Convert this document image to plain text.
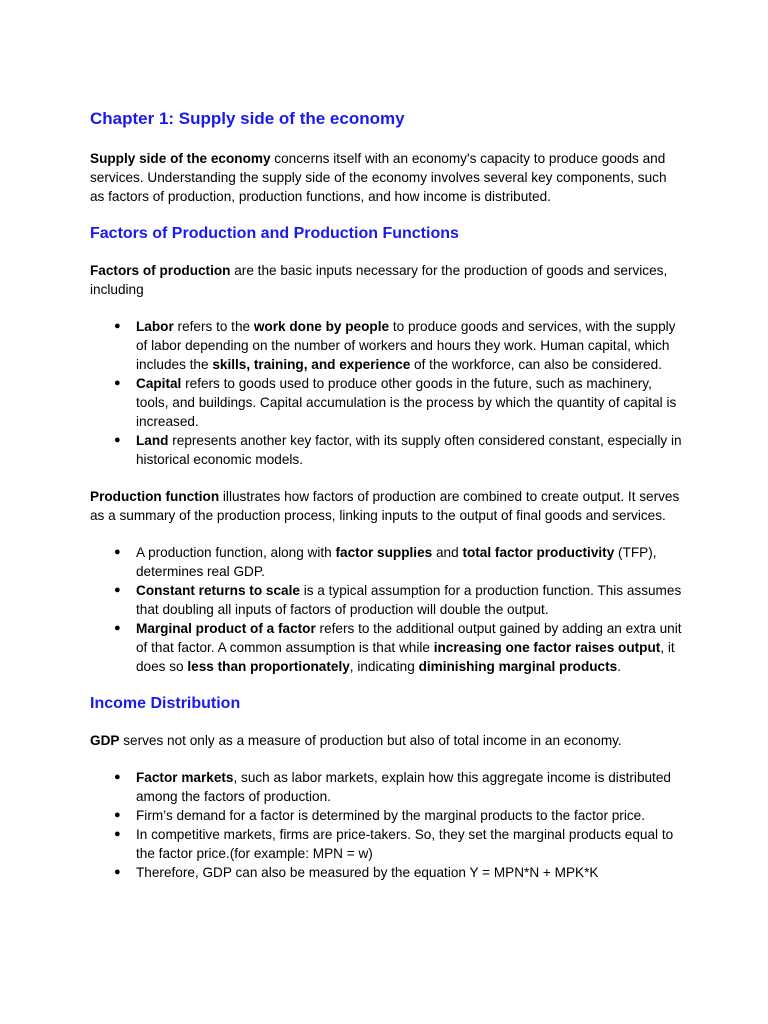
Chapter 1: Supply side of the economy

Supply side of the economy concerns itself with an economy's capacity to produce goods and services. Understanding the supply side of the economy involves several key components, such as factors of production, production functions, and how income is distributed.

Factors of Production and Production Functions

Factors of production are the basic inputs necessary for the production of goods and services, including

● Labor refers to the work done by people to produce goods and services, with the supply of labor depending on the number of workers and hours they work. Human capital, which includes the skills, training, and experience of the workforce, can also be considered.
● Capital refers to goods used to produce other goods in the future, such as machinery, tools, and buildings. Capital accumulation is the process by which the quantity of capital is increased.
● Land represents another key factor, with its supply often considered constant, especially in historical economic models.

Production function illustrates how factors of production are combined to create output. It serves as a summary of the production process, linking inputs to the output of final goods and services.

● A production function, along with factor supplies and total factor productivity (TFP), determines real GDP.
● Constant returns to scale is a typical assumption for a production function. This assumes that doubling all inputs of factors of production will double the output.
● Marginal product of a factor refers to the additional output gained by adding an extra unit of that factor. A common assumption is that while increasing one factor raises output, it does so less than proportionately, indicating diminishing marginal products.
Income Distribution

GDP serves not only as a measure of production but also of total income in an economy.

● Factor markets, such as labor markets, explain how this aggregate income is distributed among the factors of production.
● Firm’s demand for a factor is determined by the marginal products to the factor price.
● In competitive markets, firms are price-takers. So, they set the marginal products equal to the factor price.(for example: MPN = w)
● Therefore, GDP can also be measured by the equation Y = MPN*N + MPK*K
